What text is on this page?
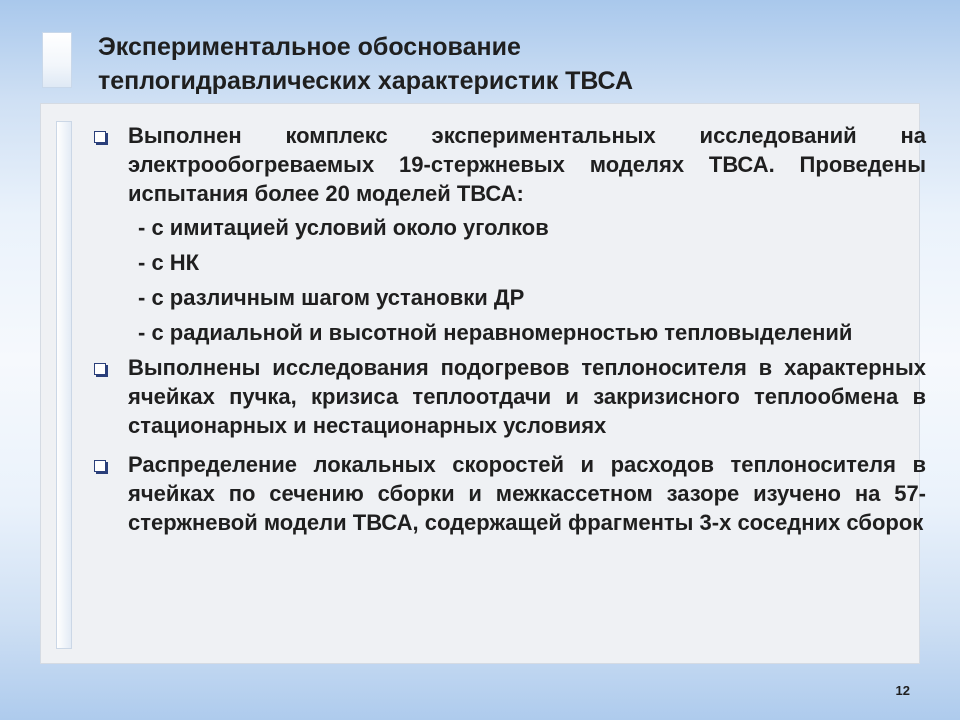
Экспериментальное обоснование
теплогидравлических характеристик ТВСА
Выполнен комплекс экспериментальных исследований на электрообогреваемых 19-стержневых моделях ТВСА. Проведены испытания более 20 моделей ТВСА:
- с имитацией условий около уголков
- с НК
- с различным шагом установки ДР
- с радиальной и высотной неравномерностью тепловыделений
Выполнены исследования подогревов теплоносителя в характерных ячейках пучка, кризиса теплоотдачи и закризисного теплообмена в стационарных и нестационарных условиях
Распределение локальных скоростей и расходов теплоносителя в ячейках по сечению сборки и межкассетном зазоре изучено на 57-стержневой модели ТВСА, содержащей фрагменты 3-х соседних сборок
12
